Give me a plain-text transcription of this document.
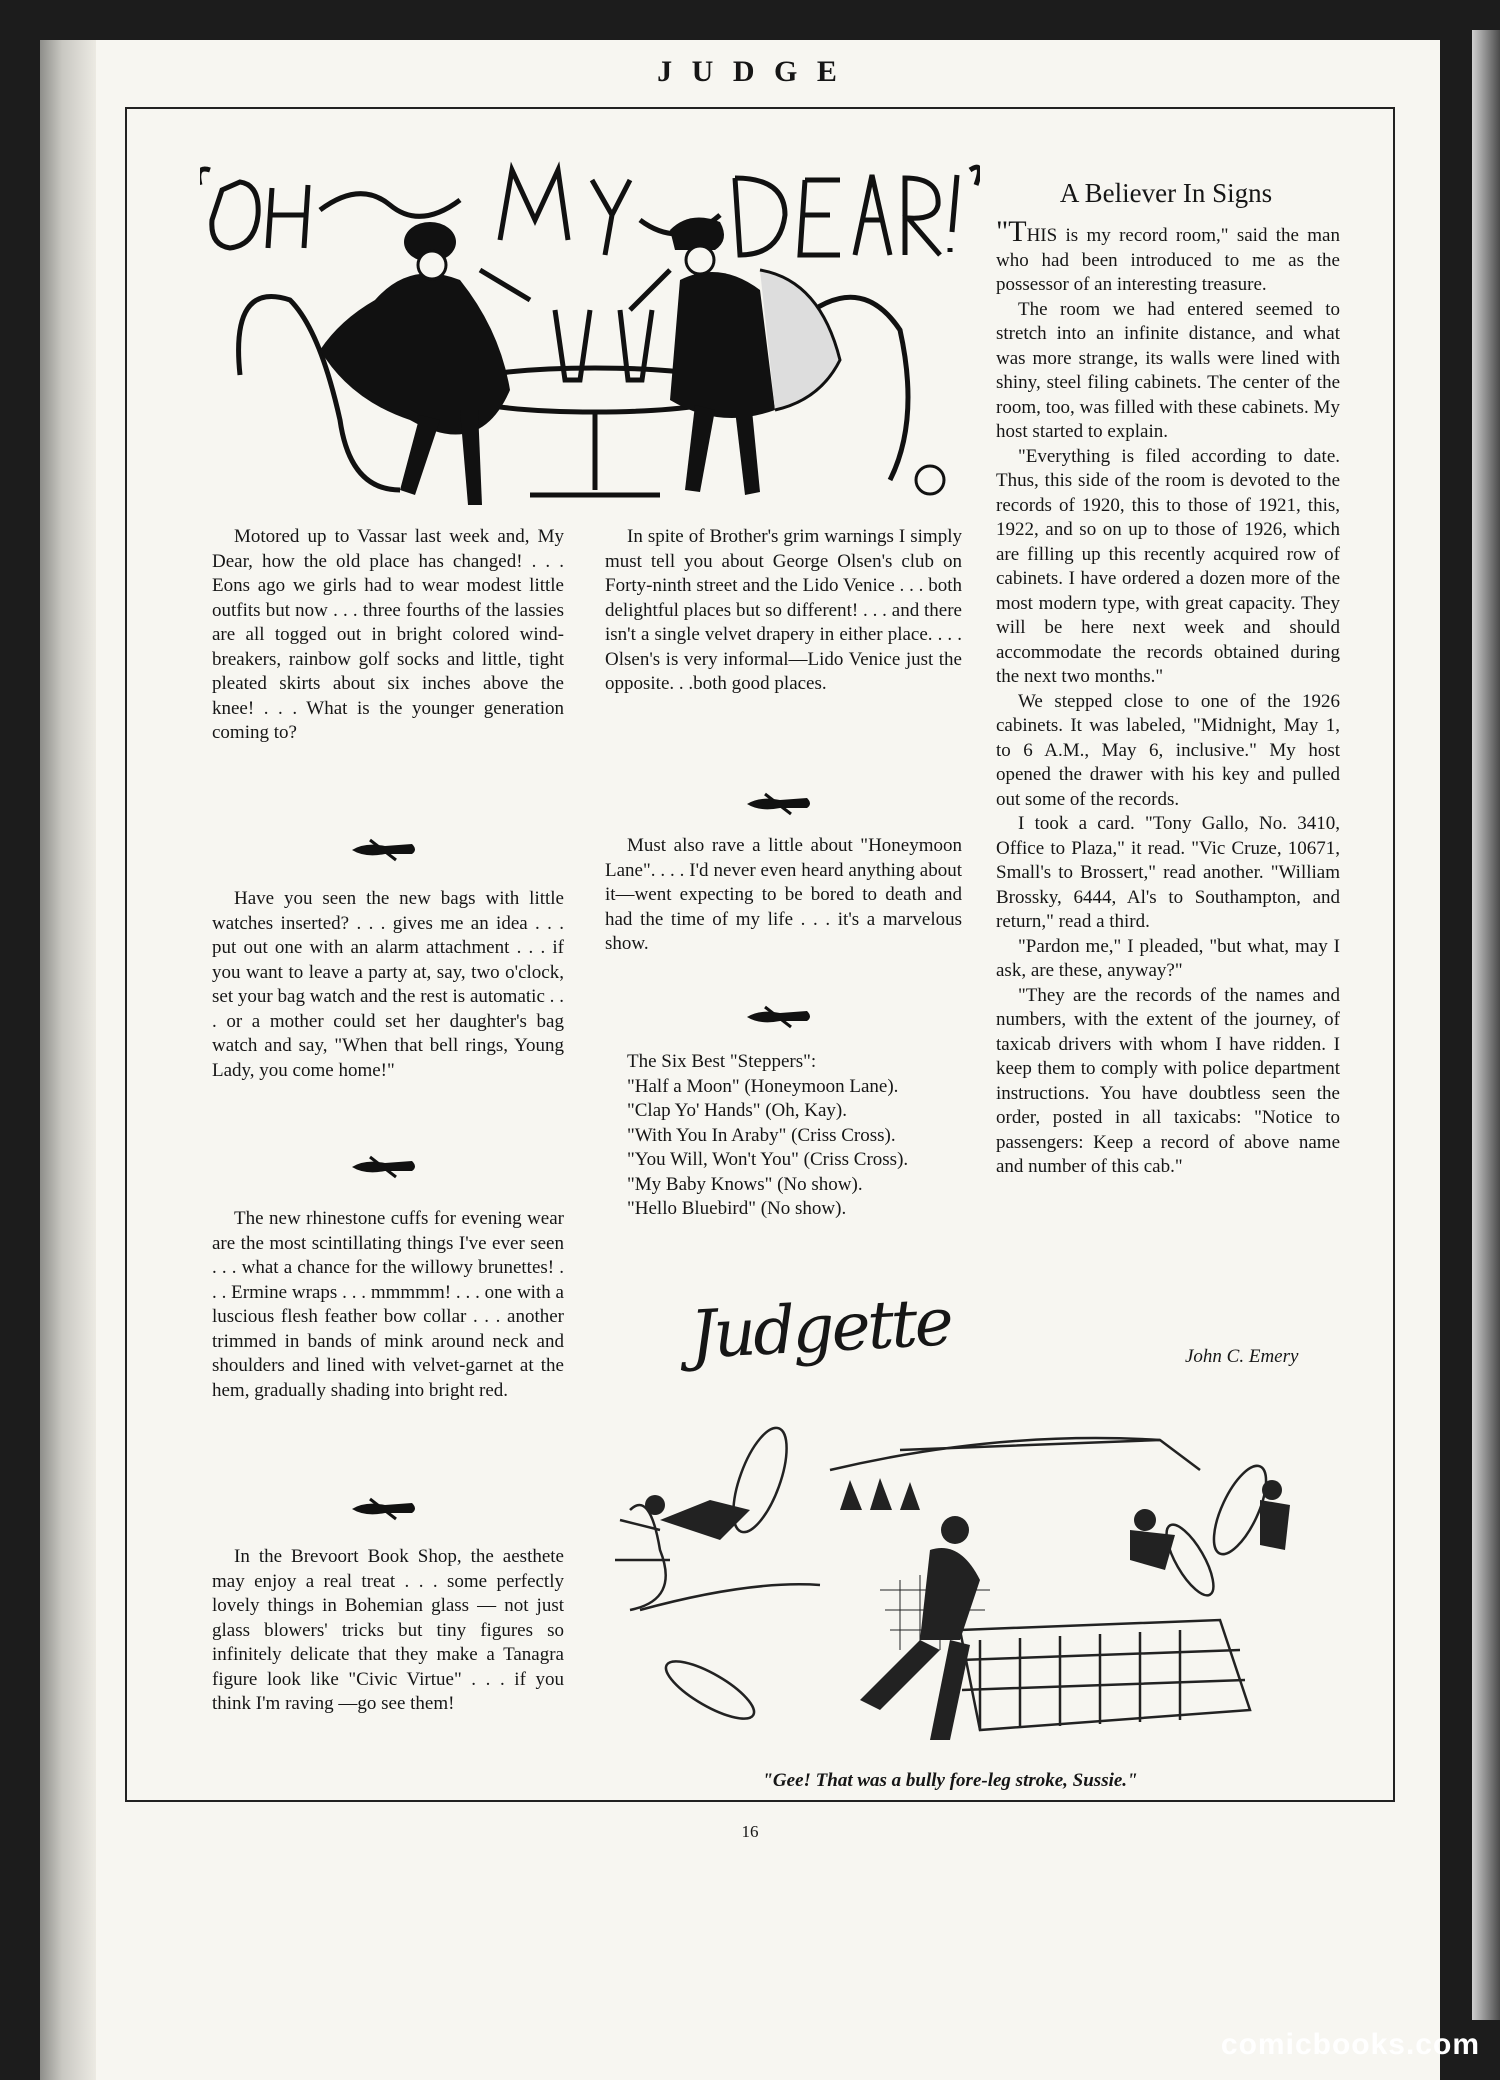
J U D G E

Motored up to Vassar last week and, My Dear, how the old place has changed! . . . Eons ago we girls had to wear modest little outfits but now . . . three fourths of the lassies are all togged out in bright colored wind-breakers, rainbow golf socks and little, tight pleated skirts about six inches above the knee! . . . What is the younger generation coming to?

Have you seen the new bags with little watches inserted? . . . gives me an idea . . . put out one with an alarm attachment . . . if you want to leave a party at, say, two o'clock, set your bag watch and the rest is automatic . . . or a mother could set her daughter's bag watch and say, "When that bell rings, Young Lady, you come home!"

The new rhinestone cuffs for evening wear are the most scintillating things I've ever seen . . . what a chance for the willowy brunettes! . . . Ermine wraps . . . mmmmm! . . . one with a luscious flesh feather bow collar . . . another trimmed in bands of mink around neck and shoulders and lined with velvet-garnet at the hem, gradually shading into bright red.

In the Brevoort Book Shop, the aesthete may enjoy a real treat . . . some perfectly lovely things in Bohemian glass — not just glass blowers' tricks but tiny figures so infinitely delicate that they make a Tanagra figure look like "Civic Virtue" . . . if you think I'm raving —go see them!

In spite of Brother's grim warnings I simply must tell you about George Olsen's club on Forty-ninth street and the Lido Venice . . . both delightful places but so different! . . . and there isn't a single velvet drapery in either place. . . . Olsen's is very informal—Lido Venice just the opposite. . .both good places.

Must also rave a little about "Honeymoon Lane". . . . I'd never even heard anything about it—went expecting to be bored to death and had the time of my life . . . it's a marvelous show.

The Six Best "Steppers":
"Half a Moon" (Honeymoon Lane).
"Clap Yo' Hands" (Oh, Kay).
"With You In Araby" (Criss Cross).
"You Will, Won't You" (Criss Cross).
"My Baby Knows" (No show).
"Hello Bluebird" (No show).
Judgette
A Believer In Signs

"THIS is my record room," said the man who had been introduced to me as the possessor of an interesting treasure.

The room we had entered seemed to stretch into an infinite distance, and what was more strange, its walls were lined with shiny, steel filing cabinets. The center of the room, too, was filled with these cabinets. My host started to explain.

"Everything is filed according to date. Thus, this side of the room is devoted to the records of 1920, this to those of 1921, this, 1922, and so on up to those of 1926, which are filling up this recently acquired row of cabinets. I have ordered a dozen more of the most modern type, with great capacity. They will be here next week and should accommodate the records obtained during the next two months."

We stepped close to one of the 1926 cabinets. It was labeled, "Midnight, May 1, to 6 A.M., May 6, inclusive." My host opened the drawer with his key and pulled out some of the records.

I took a card. "Tony Gallo, No. 3410, Office to Plaza," it read. "Vic Cruze, 10671, Small's to Brossert," read another. "William Brossky, 6444, Al's to Southampton, and return," read a third.

"Pardon me," I pleaded, "but what, may I ask, are these, anyway?"

"They are the records of the names and numbers, with the extent of the journey, of taxicab drivers with whom I have ridden. I keep them to comply with police department instructions. You have doubtless seen the order, posted in all taxicabs: "Notice to passengers: Keep a record of above name and number of this cab."

John C. Emery
"Gee! That was a bully fore-leg stroke, Sussie."
16
comicbooks.com
